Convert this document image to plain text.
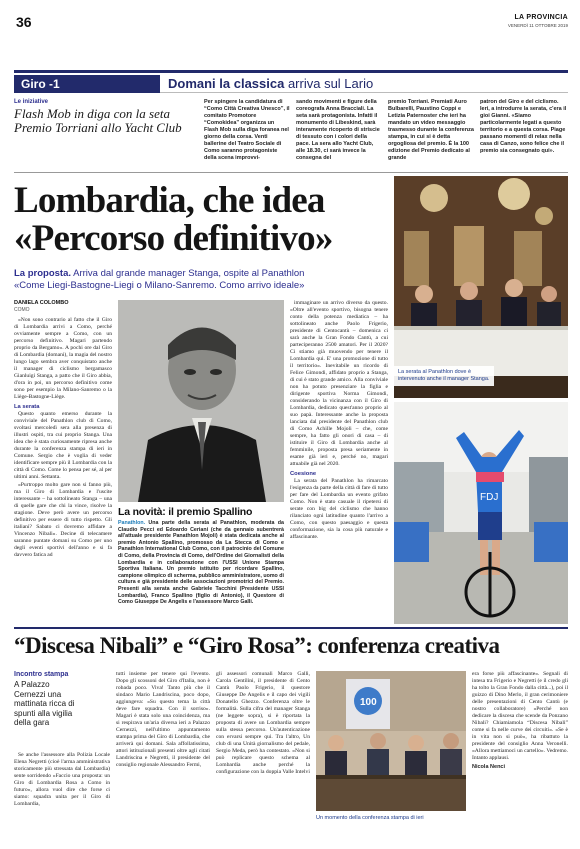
36	LA PROVINCIA
VENERDÌ 11 OTTOBRE 2019
Giro -1	Domani la classica arriva sul Lario
Le iniziative
Flash Mob in diga con la seta Premio Torriani allo Yacht Club
Per spingere la candidatura di “Como Città Creativa Unesco”, il comitato Promotore “Comokidea” organizza un Flash Mob sulla diga foranea nel giorno della corsa. Venti ballerine del Teatro Sociale di Como saranno protagoniste della scena improvvi-
sando movimenti e figure della coreografa Anna Bracciali. La seta sarà protagonista. Infatti il monumento di Libeskind, sarà interamente ricoperto di striscie di tessuto con i colori della pace. La sera allo Yacht Club, alle 18.30, ci sarà invece la consegna del
premio Torriani. Premiati Auro Bulbarelli, Paustino Coppi e Letizia Paternoster che ieri ha mandato un video messaggio trasmesso durante la conferenza stampa, in cui si è detta orgogliosa del premio. È la 100 edizione del Premio dedicato al grande
patron del Giro e del ciclismo. Ieri, a introdurre la serata, c'era il gioi Gianni. «Siamo particolarmente legati a questo territorio e a questa corsa. Piage passano momenti di relax nella casa di Canzo, sono felice che il premio sia consegnato qui».
Lombardia, che idea
«Percorso definitivo»
La proposta. Arriva dal grande manager Stanga, ospite al Panathlon
«Come Liegi-Bastogne-Liegi o Milano-Sanremo. Como arrivo ideale»
La serata al Panathlon dove è intervenuto anche il manager Stanga.
FDJ
DANIELA COLOMBO
COMO

«Non sono contrario al fatto che il Giro di Lombardia arrivi a Como, perché ovviamente sempre a Como, con un percorso definitivo. Magari partendo proprio da Bergamo». A pochi ore dal Giro di Lombardia (domani), la magia del nostro lungo lago sembra aver conquistato anche il manager di ciclismo bergamasco Gianluigi Stanga, a patto che il Giro abbia, d'ora in poi, un percorso definitivo come sono per esempio la Milano-Sanremo o la Liège-Bastogne-Liège.

La serata

Questo quanto emerso durante la conviviale del Panathlon club di Como, svoltasi mercoledì sera alla presenza di illustri ospiti, tra cui proprio Stanga. Una idea che è stata curiosamente ripresa anche durante la conferenza stampa di ieri in Comune. Sergio che è voglia di veder identificare sempre più il Lombardia con la città di Como. Come lo pensa per sé, al per ultimi anni. Settanta.

«Purtroppo molto gare non si fanno più, ma il Giro di Lombardia e l'uscite interessante – ha sottolineato Stanga – una di quelle gare che chi la vince, risolve la stagione. Deve però avere un percorso definitivo per essere di tutto rispetto. Gli italiani? Sabato ci dovremo affidare a Vincenzo Nibali». Decine di telecamere saranno puntate domani su Como per uno degli eventi sportivi dell'anno e si fa davvero fatica ad

immaginare un arrivo diverso da questo. «Oltre all'evento sportivo, bisogna tenere conto della potenza mediatica – ha sottolineato anche Paolo Frigerio, presidente di Centocantù – domenica ci sarà anche la Gran Fondo Cantù, a cui parteciperanno 2500 amatori. Per il 2020? Ci stiamo già muovendo per tenere il Lombardia qui. E' una promozione di tutto il territorio». Inevitabile un ricordo di Felice Gimondi, affidato proprio a Stanga, di cui è stato grande amico. Alla conviviale non ha potuto presenziare la figlia e dirigente sportiva Norma Gimondi, considerando la vicinanza con il Giro di Lombardia, dedicato quest'anno proprio al suo papà. Interessante anche la proposta lanciata dal presidente del Panathlon club di Como Achille Mojoli – che, come sempre, ha fatto gli onori di casa – di istituire il Giro di Lombardia anche al femminile, proposta presa seriamente in esame già ieri e, perché no, magari attuabile già nel 2020.

Coesione

La serata del Panathlon ha rimarcato l'esigenza da parte della città di fare di tutto per fare del Lombardia un evento grifato Como. Non è stato casuale il ripetersi di serate con big del ciclismo che hanno rilanciato ogni latitudine quanto l'arrivo a Como, con questo paesaggio e questa conformazione, sia la cosa più naturale e affascinante.

La novità: il premio Spallino
Panathlon. Una parte della serata al Panathlon, moderata da Claudio Pecci ed Edoardo Ceriani (che da gennaio subentrerà all'attuale presidente Panathlon Mojoli) è stata dedicata anche al premio Antonio Spallino, promosso da La Stecca di Como e Panathlon International Club Como, con il patrocinio del Comune di Como, della Provincia di Como, dell'Ordine dei Giornalisti della Lombardia e in collaborazione con l'USSI Unione Stampa Sportiva Italiana. Un premio istituito per ricordare Spallino, campione olimpico di scherma, pubblico amministratore, uomo di cultura e già presidente delle associazioni promotrici del Premio. Presenti alla serata anche Gabriele Tacchini (Presidente USSI Lombardia), Franco Spallino (figlio di Antonio), il Questore di Como Giuseppe De Angelis e l'assessore Marco Galli.
“Discesa Nibali” e “Giro Rosa”: conferenza creativa
Incontro stampa
A Palazzo Cernezzi una mattinata ricca di spunti alla vigilia della gara
Se anche l'assessore alla Polizia Locale Elena Negretti (cioè l'arma amministrativa storicamente più stressata dal Lombardia) sente sorridendo «Faccio una proposta: un Giro di Lombardia Rosa a Como in futuro», allora vuol dire che forse ci siamo: squadra unita per il Giro di Lombardia,
tutti insieme per tenere qui l'evento. Dopo gli scossoni del Giro d'Italia, non è robada poco. Viva! Tanto più che il sindaco Mario Landriscina, poco dopo, aggiungeva: «Su questo tema la città deve fare squadra. Con il sorriso». Magari è stata solo una coincidenza, ma si respirava un'aria diversa ieri a Palazzo Cernezzi, nell'ultimo appuntamento stampa prima del Giro di Lombardia, che arriverà qui domani. Sala affollatissima, attori istituzionali presenti oltre agli citati Landriscina e Negretti, il presidente del consiglio regionale Alessandro Fermi,
gli assessori comunali Marco Galli, Carola Gentilini, il presidente di Cento Cantù Paolo Frigerio, il questore Giuseppe De Angelis e il capo dei vigili Donatello Ghezzo. Conferenza oltre le formalità. Sulla cifra del manager Stanga (ne leggete sopra), si è riportata la proposta di avere un Lombardia sempre sulla stessa percorso. Un'autenticazione con ervarsi sempre qui. Tra l'altro, Un club di una Unità giornalismo del pedale, Sergio Meda, però ha contestato. «Non si può replicare questo schema al Lombardia anche perché la configurazione con la doppia Valle Intelvi
100
Un momento della conferenza stampa di ieri
era forse più affascinante». Segnali di intesa tra Frigerio e Negretti (e il credo gli ha tolto la Gran Fondo dalla città...), poi il guizzo di Dino Merlo, il gran cerimoniere delle presentazioni di Cento Cantù (e nostro collaboratore) «Perché non dedicare la discesa che scende da Ponzano Nibali? Chiamiamola “Discesa Nibali” come si fa nelle curve dei circuiti». «Se è in vita non si può», ha ribattuto la presidente del consiglio Anna Veronelli. «Allora mettiamoci un cartello». Vedremo. Intanto applausi.
Nicola Nenci
